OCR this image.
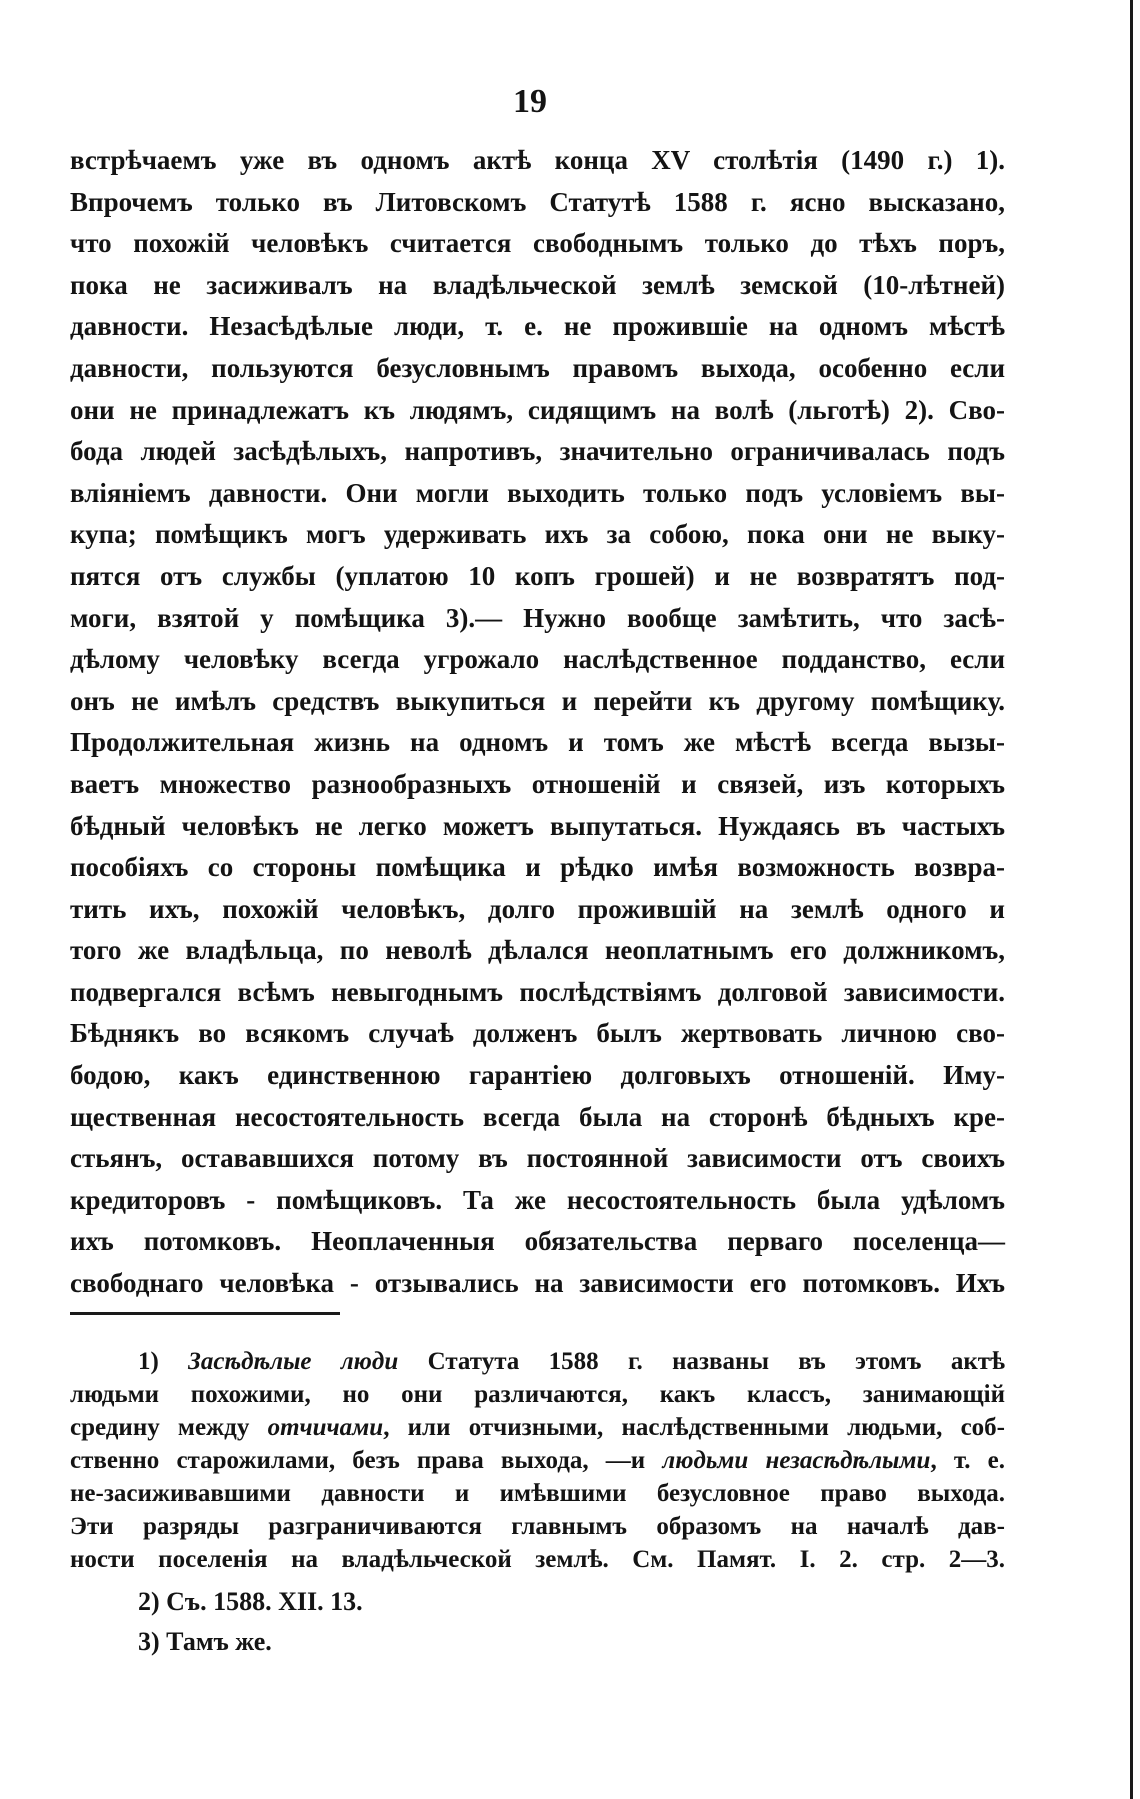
19
встрѣчаемъ уже въ одномъ актѣ конца XV столѣтія (1490 г.) 1).
Впрочемъ только въ Литовскомъ Статутѣ 1588 г. ясно высказано,
что похожій человѣкъ считается свободнымъ только до тѣхъ поръ,
пока не засиживалъ на владѣльческой землѣ земской (10-лѣтней)
давности. Незасѣдѣлые люди, т. е. не прожившіе на одномъ мѣстѣ
давности, пользуются безусловнымъ правомъ выхода, особенно если
они не принадлежатъ къ людямъ, сидящимъ на волѣ (льготѣ) 2). Сво-
бода людей засѣдѣлыхъ, напротивъ, значительно ограничивалась подъ
вліяніемъ давности. Они могли выходить только подъ условіемъ вы-
купа; помѣщикъ могъ удерживать ихъ за собою, пока они не выку-
пятся отъ службы (уплатою 10 копъ грошей) и не возвратятъ под-
моги, взятой у помѣщика 3).— Нужно вообще замѣтить, что засѣ-
дѣлому человѣку всегда угрожало наслѣдственное подданство, если
онъ не имѣлъ средствъ выкупиться и перейти къ другому помѣщику.
Продолжительная жизнь на одномъ и томъ же мѣстѣ всегда вызы-
ваетъ множество разнообразныхъ отношеній и связей, изъ которыхъ
бѣдный человѣкъ не легко можетъ выпутаться. Нуждаясь въ частыхъ
пособіяхъ со стороны помѣщика и рѣдко имѣя возможность возвра-
тить ихъ, похожій человѣкъ, долго прожившій на землѣ одного и
того же владѣльца, по неволѣ дѣлался неоплатнымъ его должникомъ,
подвергался всѣмъ невыгоднымъ послѣдствіямъ долговой зависимости.
Бѣднякъ во всякомъ случаѣ долженъ былъ жертвовать личною сво-
бодою, какъ единственною гарантіею долговыхъ отношеній. Иму-
щественная несостоятельность всегда была на сторонѣ бѣдныхъ кре-
стьянъ, остававшихся потому въ постоянной зависимости отъ своихъ
кредиторовъ - помѣщиковъ. Та же несостоятельность была удѣломъ
ихъ потомковъ. Неоплаченныя обязательства перваго поселенца—
свободнаго человѣка - отзывались на зависимости его потомковъ. Ихъ
1) Засѣдѣлые люди Статута 1588 г. названы въ этомъ актѣ
людьми похожими, но они различаются, какъ классъ, занимающій
средину между отчичами, или отчизными, наслѣдственными людьми, соб-
ственно старожилами, безъ права выхода, —и людьми незасѣдѣлыми, т. е.
не-засиживавшими давности и имѣвшими безусловное право выхода.
Эти разряды разграничиваются главнымъ образомъ на началѣ дав-
ности поселенія на владѣльческой землѣ. См. Памят. I. 2. стр. 2—3.
2) Съ. 1588. XII. 13.
3) Тамъ же.
